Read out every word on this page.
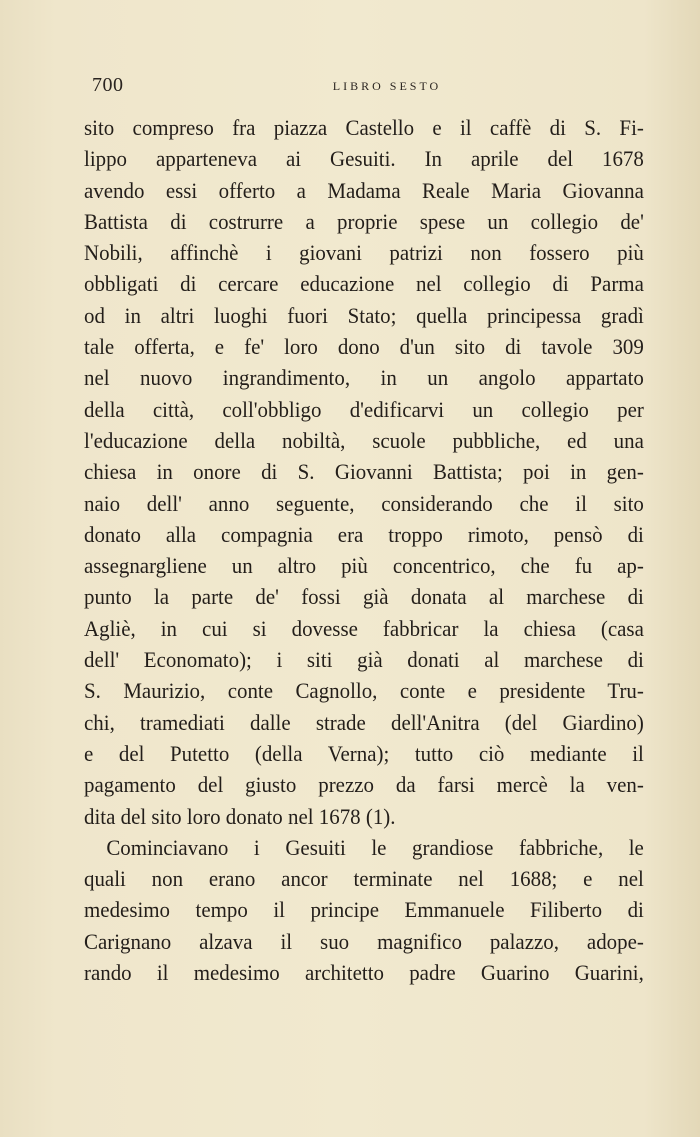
700	LIBRO SESTO
sito compreso fra piazza Castello e il caffè di S. Fi-
lippo apparteneva ai Gesuiti. In aprile del 1678
avendo essi offerto a Madama Reale Maria Giovanna
Battista di costrurre a proprie spese un collegio de'
Nobili, affinchè i giovani patrizi non fossero più
obbligati di cercare educazione nel collegio di Parma
od in altri luoghi fuori Stato; quella principessa gradì
tale offerta, e fe' loro dono d'un sito di tavole 309
nel nuovo ingrandimento, in un angolo appartato
della città, coll'obbligo d'edificarvi un collegio per
l'educazione della nobiltà, scuole pubbliche, ed una
chiesa in onore di S. Giovanni Battista; poi in gen-
naio dell' anno seguente, considerando che il sito
donato alla compagnia era troppo rimoto, pensò di
assegnargliene un altro più concentrico, che fu ap-
punto la parte de' fossi già donata al marchese di
Agliè, in cui si dovesse fabbricar la chiesa (casa
dell' Economato); i siti già donati al marchese di
S. Maurizio, conte Cagnollo, conte e presidente Tru-
chi, tramediati dalle strade dell'Anitra (del Giardino)
e del Putetto (della Verna); tutto ciò mediante il
pagamento del giusto prezzo da farsi mercè la ven-
dita del sito loro donato nel 1678 (1).
Cominciavano i Gesuiti le grandiose fabbriche, le
quali non erano ancor terminate nel 1688; e nel
medesimo tempo il principe Emmanuele Filiberto di
Carignano alzava il suo magnifico palazzo, adope-
rando il medesimo architetto padre Guarino Guarini,
